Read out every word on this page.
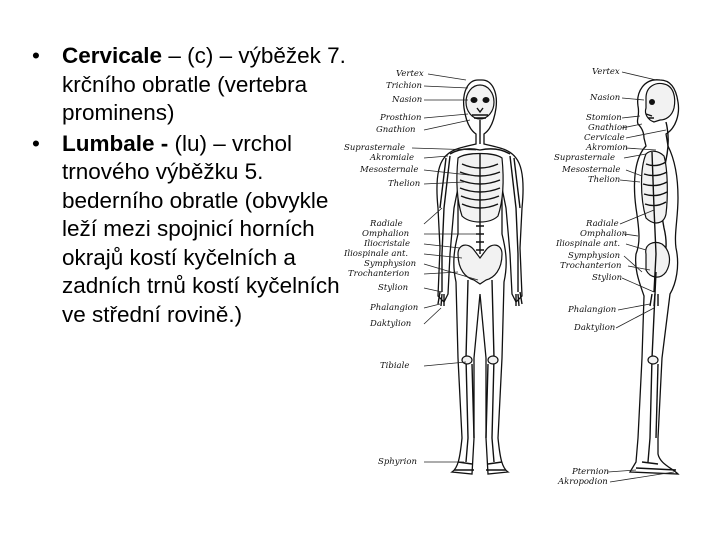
• Cervicale – (c) – výběžek 7. krčního obratle (vertebra prominens)
• Lumbale - (lu) – vrchol trnového výběžku 5. bederního obratle (obvykle leží mezi spojnicí horních okrajů kostí kyčelních a zadních trnů kostí kyčelních ve střední rovině.)
Vertex
Trichion
Nasion
Prosthion
Gnathion
Suprasternale
Akromiale
Mesosternale
Thelion
Radiale
Omphalion
Iliocristale
Iliospinale ant.
Symphysion
Trochanterion
Stylion
Phalangion
Daktylion
Tibiale
Sphyrion
Vertex
Nasion
Stomion
Gnathion
Cervicale
Akromion
Suprasternale
Mesosternale
Thelion
Radiale
Omphalion
Iliospinale ant.
Symphysion
Trochanterion
Stylion
Phalangion
Daktylion
Pternion
Akropodion
